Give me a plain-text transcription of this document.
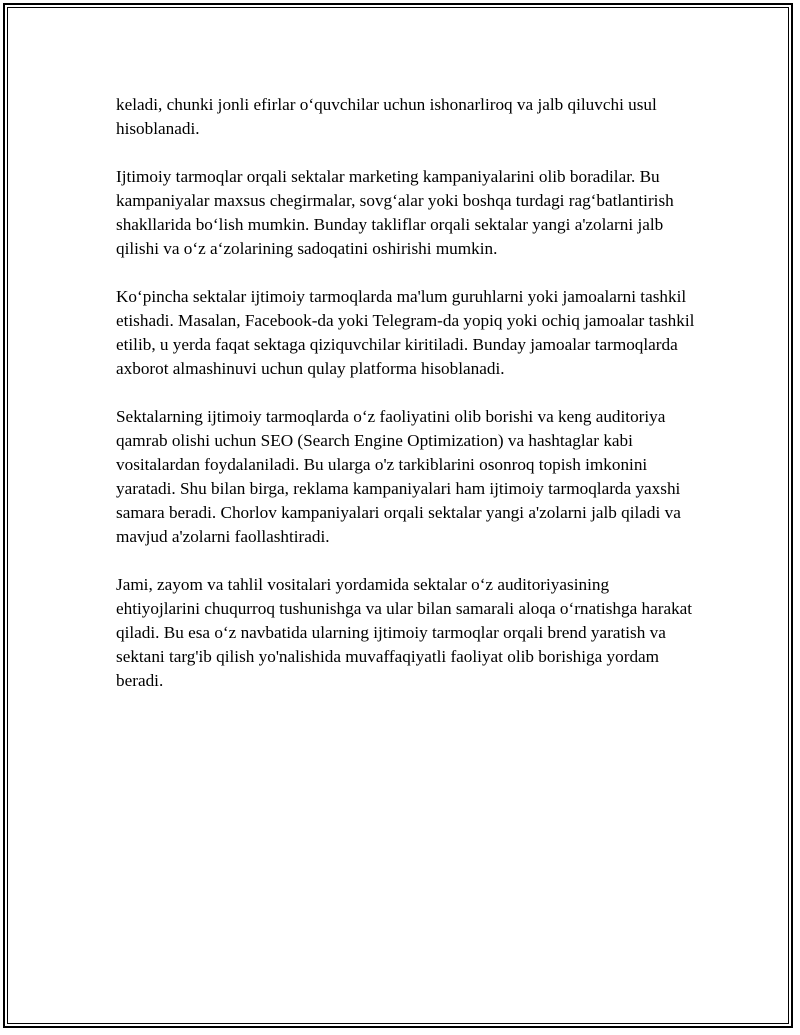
keladi, chunki jonli efirlar o‘quvchilar uchun ishonarliroq va jalb qiluvchi usul hisoblanadi.

Ijtimoiy tarmoqlar orqali sektalar marketing kampaniyalarini olib boradilar. Bu kampaniyalar maxsus chegirmalar, sovg‘alar yoki boshqa turdagi rag‘batlantirish shakllarida bo‘lish mumkin. Bunday takliflar orqali sektalar yangi a'zolarni jalb qilishi va o‘z a‘zolarining sadoqatini oshirishi mumkin.

Ko‘pincha sektalar ijtimoiy tarmoqlarda ma'lum guruhlarni yoki jamoalarni tashkil etishadi. Masalan, Facebook-da yoki Telegram-da yopiq yoki ochiq jamoalar tashkil etilib, u yerda faqat sektaga qiziquvchilar kiritiladi. Bunday jamoalar tarmoqlarda axborot almashinuvi uchun qulay platforma hisoblanadi.

Sektalarning ijtimoiy tarmoqlarda o‘z faoliyatini olib borishi va keng auditoriya qamrab olishi uchun SEO (Search Engine Optimization) va hashtaglar kabi vositalardan foydalaniladi. Bu ularga o'z tarkiblarini osonroq topish imkonini yaratadi. Shu bilan birga, reklama kampaniyalari ham ijtimoiy tarmoqlarda yaxshi samara beradi. Chorlov kampaniyalari orqali sektalar yangi a'zolarni jalb qiladi va mavjud a'zolarni faollashtiradi.

Jami, zayom va tahlil vositalari yordamida sektalar o‘z auditoriyasining ehtiyojlarini chuqurroq tushunishga va ular bilan samarali aloqa o‘rnatishga harakat qiladi. Bu esa o‘z navbatida ularning ijtimoiy tarmoqlar orqali brend yaratish va sektani targ'ib qilish yo'nalishida muvaffaqiyatli faoliyat olib borishiga yordam beradi.
